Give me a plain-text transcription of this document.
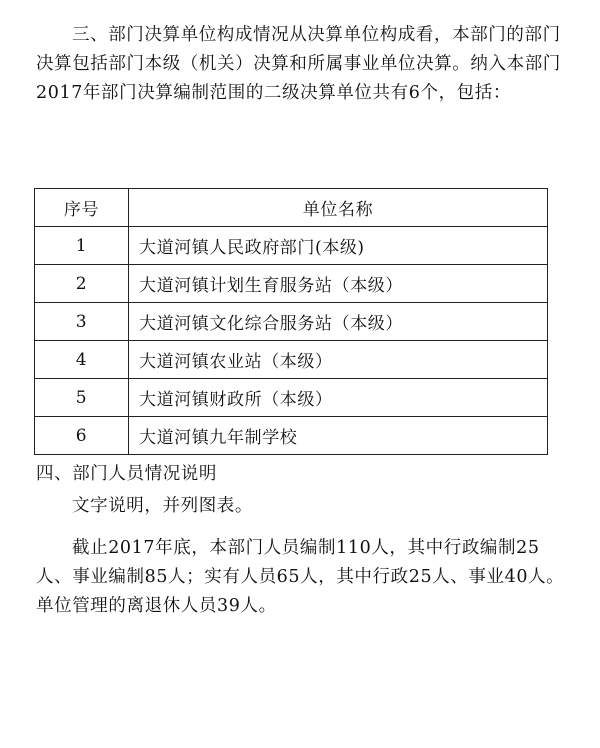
三、部门决算单位构成情况从决算单位构成看，本部门的部门决算包括部门本级（机关）决算和所属事业单位决算。纳入本部门2017年部门决算编制范围的二级决算单位共有6个，包括：

序号	单位名称
1	大道河镇人民政府部门(本级)
2	大道河镇计划生育服务站（本级）
3	大道河镇文化综合服务站（本级）
4	大道河镇农业站（本级）
5	大道河镇财政所（本级）
6	大道河镇九年制学校
四、部门人员情况说明

文字说明，并列图表。

截止2017年底，本部门人员编制110人，其中行政编制25人、事业编制85人；实有人员65人，其中行政25人、事业40人。单位管理的离退休人员39人。
